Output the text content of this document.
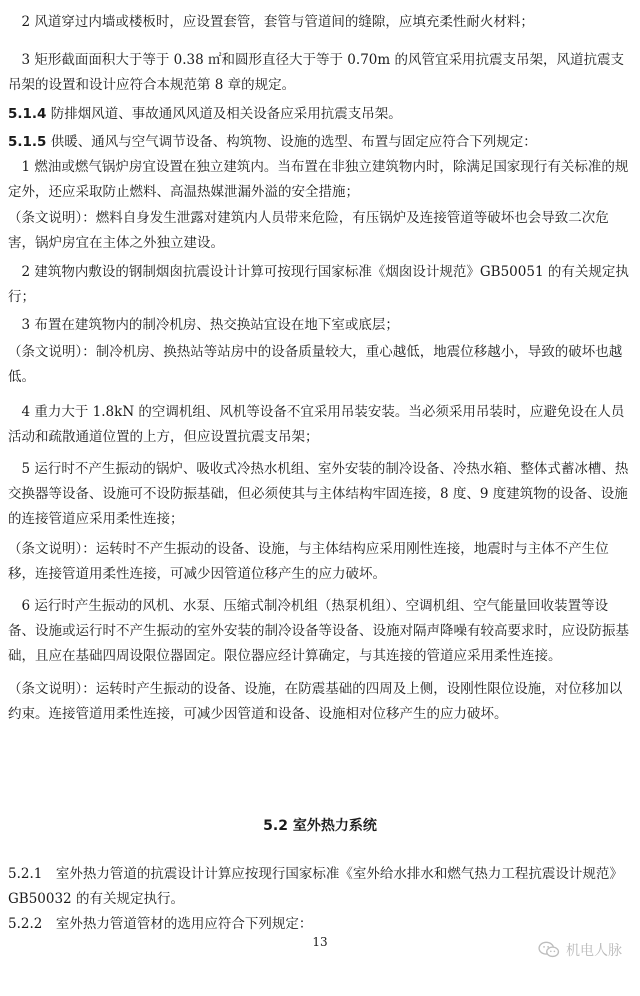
　2 风道穿过内墙或楼板时，应设置套管，套管与管道间的缝隙，应填充柔性耐火材料；
　3 矩形截面面积大于等于 0.38 ㎡和圆形直径大于等于 0.70m 的风管宜采用抗震支吊架，风道抗震支吊架的设置和设计应符合本规范第 8 章的规定。
5.1.4 防排烟风道、事故通风风道及相关设备应采用抗震支吊架。
5.1.5 供暖、通风与空气调节设备、构筑物、设施的选型、布置与固定应符合下列规定：
　1 燃油或燃气锅炉房宜设置在独立建筑内。当布置在非独立建筑物内时，除满足国家现行有关标准的规定外，还应采取防止燃料、高温热媒泄漏外溢的安全措施；
（条文说明）：燃料自身发生泄露对建筑内人员带来危险，有压锅炉及连接管道等破坏也会导致二次危害，锅炉房宜在主体之外独立建设。
　2 建筑物内敷设的钢制烟囱抗震设计计算可按现行国家标准《烟囱设计规范》GB50051 的有关规定执行；
　3 布置在建筑物内的制冷机房、热交换站宜设在地下室或底层；
（条文说明）：制冷机房、换热站等站房中的设备质量较大，重心越低，地震位移越小，导致的破坏也越低。
　4 重力大于 1.8kN 的空调机组、风机等设备不宜采用吊装安装。当必须采用吊装时，应避免设在人员活动和疏散通道位置的上方，但应设置抗震支吊架；
　5 运行时不产生振动的锅炉、吸收式冷热水机组、室外安装的制冷设备、冷热水箱、整体式蓄冰槽、热交换器等设备、设施可不设防振基础，但必须使其与主体结构牢固连接，8 度、9 度建筑物的设备、设施的连接管道应采用柔性连接；
（条文说明）：运转时不产生振动的设备、设施，与主体结构应采用刚性连接，地震时与主体不产生位移，连接管道用柔性连接，可减少因管道位移产生的应力破坏。
　6 运行时产生振动的风机、水泵、压缩式制冷机组（热泵机组）、空调机组、空气能量回收装置等设备、设施或运行时不产生振动的室外安装的制冷设备等设备、设施对隔声降噪有较高要求时，应设防振基础，且应在基础四周设限位器固定。限位器应经计算确定，与其连接的管道应采用柔性连接。
（条文说明）：运转时产生振动的设备、设施，在防震基础的四周及上侧，设刚性限位设施，对位移加以约束。连接管道用柔性连接，可减少因管道和设备、设施相对位移产生的应力破坏。
5.2 室外热力系统
5.2.1　室外热力管道的抗震设计计算应按现行国家标准《室外给水排水和燃气热力工程抗震设计规范》GB50032 的有关规定执行。
5.2.2　室外热力管道管材的选用应符合下列规定：
13
机电人脉
